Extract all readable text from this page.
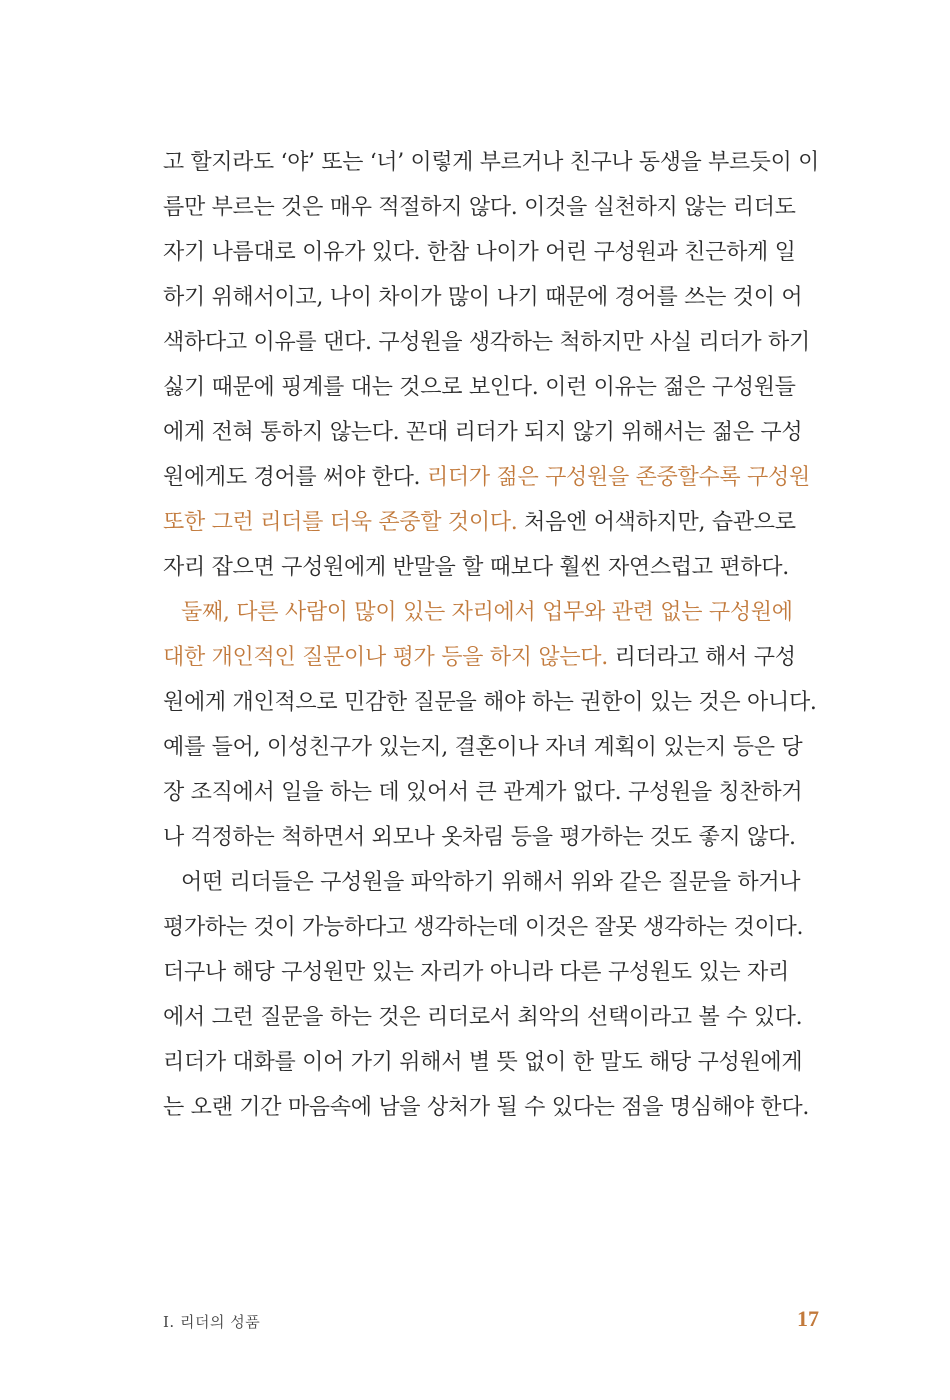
고 할지라도 ‘야’ 또는 ‘너’ 이렇게 부르거나 친구나 동생을 부르듯이 이
름만 부르는 것은 매우 적절하지 않다. 이것을 실천하지 않는 리더도
자기 나름대로 이유가 있다. 한참 나이가 어린 구성원과 친근하게 일
하기 위해서이고, 나이 차이가 많이 나기 때문에 경어를 쓰는 것이 어
색하다고 이유를 댄다. 구성원을 생각하는 척하지만 사실 리더가 하기
싫기 때문에 핑계를 대는 것으로 보인다. 이런 이유는 젊은 구성원들
에게 전혀 통하지 않는다. 꼰대 리더가 되지 않기 위해서는 젊은 구성
원에게도 경어를 써야 한다. 리더가 젊은 구성원을 존중할수록 구성원
또한 그런 리더를 더욱 존중할 것이다. 처음엔 어색하지만, 습관으로
자리 잡으면 구성원에게 반말을 할 때보다 훨씬 자연스럽고 편하다.
둘째, 다른 사람이 많이 있는 자리에서 업무와 관련 없는 구성원에
대한 개인적인 질문이나 평가 등을 하지 않는다. 리더라고 해서 구성
원에게 개인적으로 민감한 질문을 해야 하는 권한이 있는 것은 아니다.
예를 들어, 이성친구가 있는지, 결혼이나 자녀 계획이 있는지 등은 당
장 조직에서 일을 하는 데 있어서 큰 관계가 없다. 구성원을 칭찬하거
나 걱정하는 척하면서 외모나 옷차림 등을 평가하는 것도 좋지 않다.
어떤 리더들은 구성원을 파악하기 위해서 위와 같은 질문을 하거나
평가하는 것이 가능하다고 생각하는데 이것은 잘못 생각하는 것이다.
더구나 해당 구성원만 있는 자리가 아니라 다른 구성원도 있는 자리
에서 그런 질문을 하는 것은 리더로서 최악의 선택이라고 볼 수 있다.
리더가 대화를 이어 가기 위해서 별 뜻 없이 한 말도 해당 구성원에게
는 오랜 기간 마음속에 남을 상처가 될 수 있다는 점을 명심해야 한다.
Ⅰ. 리더의 성품	17
